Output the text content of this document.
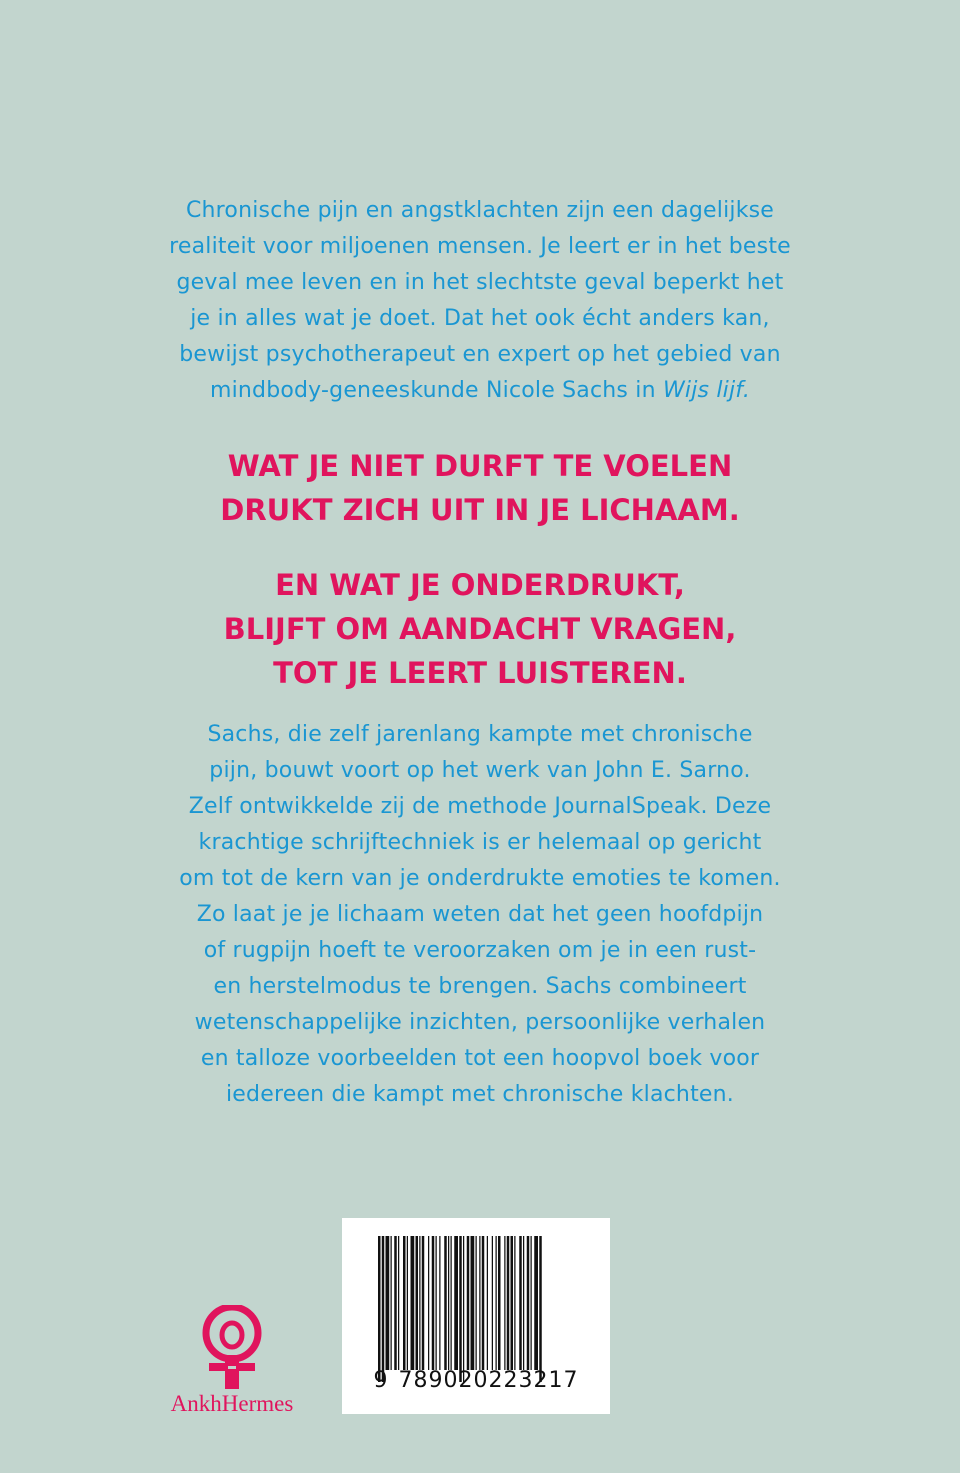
Chronische pijn en angstklachten zijn een dagelijkse
realiteit voor miljoenen mensen. Je leert er in het beste
geval mee leven en in het slechtste geval beperkt het
je in alles wat je doet. Dat het ook écht anders kan,
bewijst psychotherapeut en expert op het gebied van
mindbody-geneeskunde Nicole Sachs in Wijs lijf.
WAT JE NIET DURFT TE VOELEN
DRUKT ZICH UIT IN JE LICHAAM.
EN WAT JE ONDERDRUKT,
BLIJFT OM AANDACHT VRAGEN,
TOT JE LEERT LUISTEREN.
Sachs, die zelf jarenlang kampte met chronische
pijn, bouwt voort op het werk van John E. Sarno.
Zelf ontwikkelde zij de methode JournalSpeak. Deze
krachtige schrijftechniek is er helemaal op gericht
om tot de kern van je onderdrukte emoties te komen.
Zo laat je je lichaam weten dat het geen hoofdpijn
of rugpijn hoeft te veroorzaken om je in een rust-
en herstelmodus te brengen. Sachs combineert
wetenschappelijke inzichten, persoonlijke verhalen
en talloze voorbeelden tot een hoopvol boek voor
iedereen die kampt met chronische klachten.
AnkhHermes
9 789020223217
